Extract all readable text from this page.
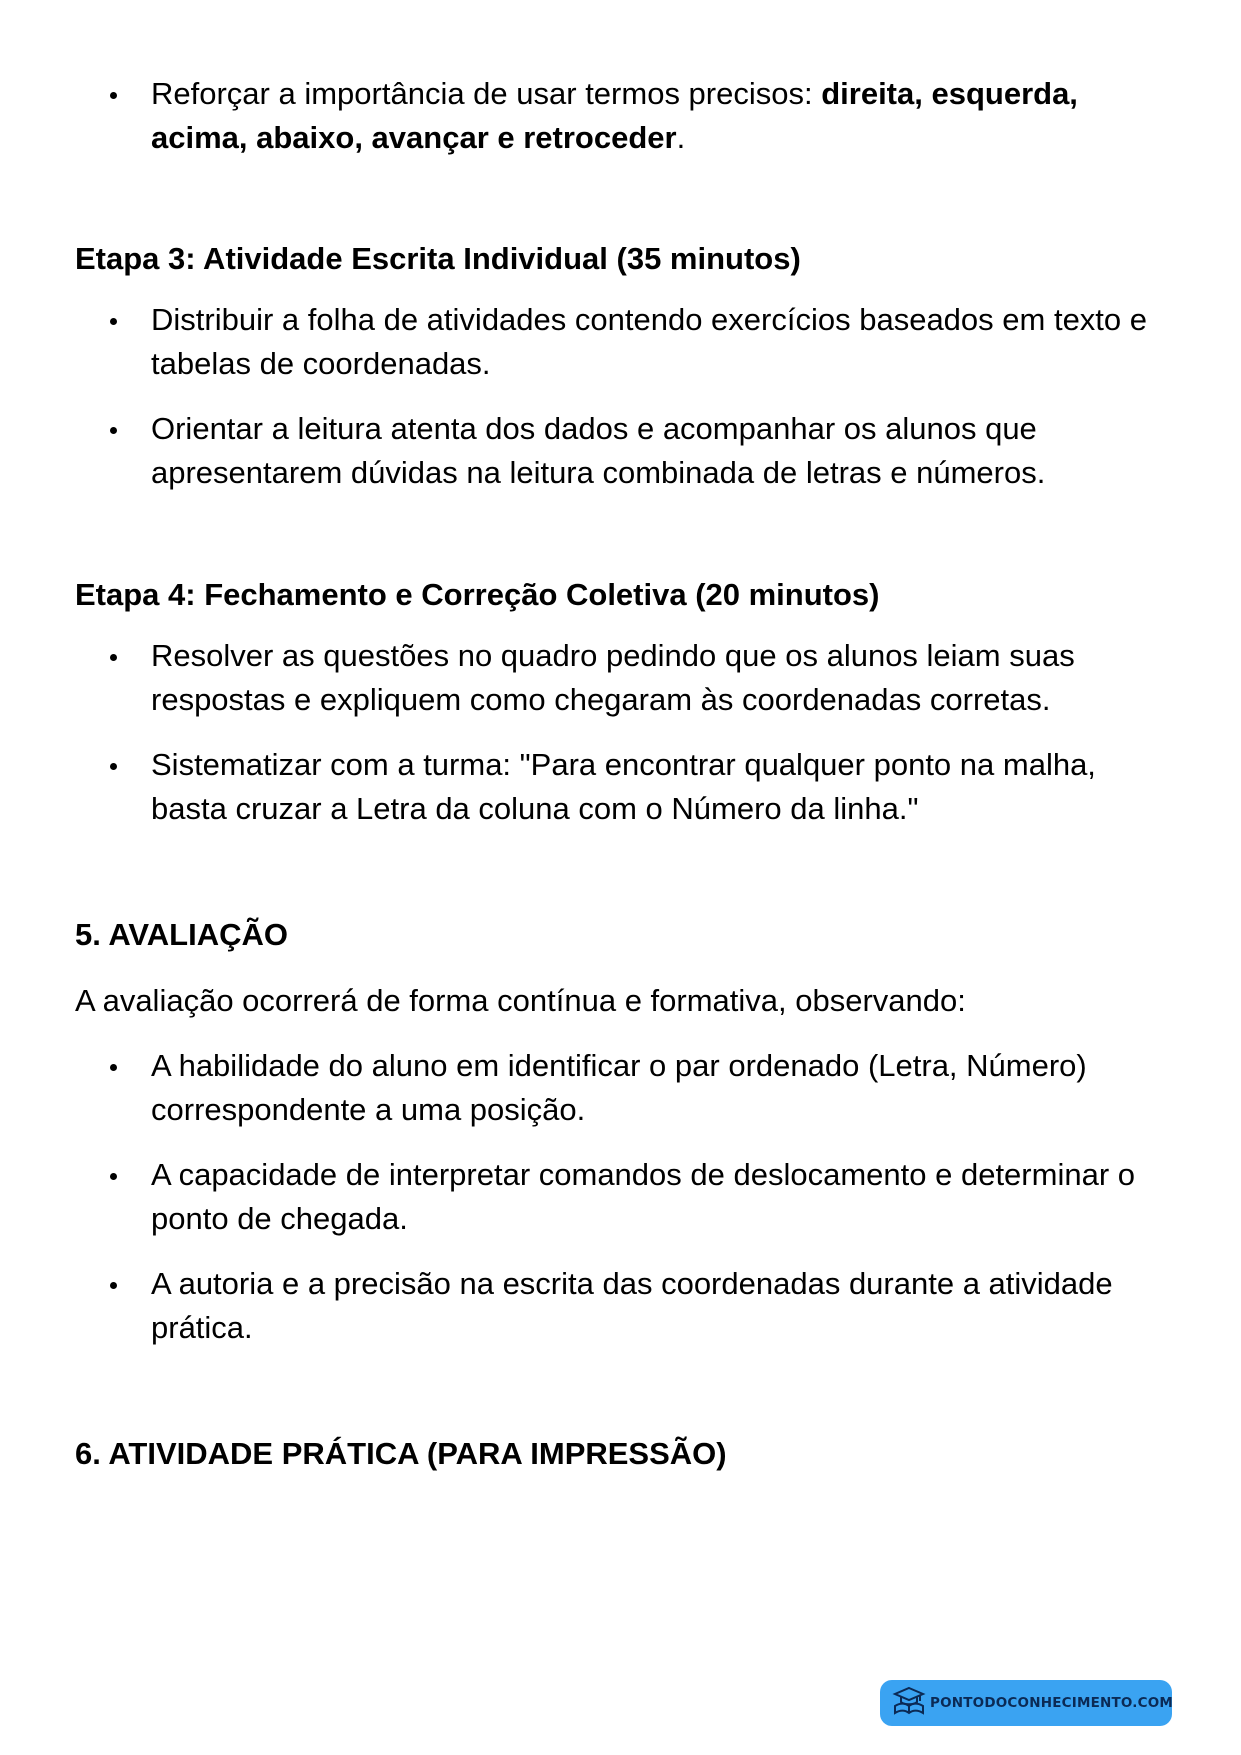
Reforçar a importância de usar termos precisos: direita, esquerda, acima, abaixo, avançar e retroceder.
Etapa 3: Atividade Escrita Individual (35 minutos)
Distribuir a folha de atividades contendo exercícios baseados em texto e tabelas de coordenadas.
Orientar a leitura atenta dos dados e acompanhar os alunos que apresentarem dúvidas na leitura combinada de letras e números.
Etapa 4: Fechamento e Correção Coletiva (20 minutos)
Resolver as questões no quadro pedindo que os alunos leiam suas respostas e expliquem como chegaram às coordenadas corretas.
Sistematizar com a turma: "Para encontrar qualquer ponto na malha, basta cruzar a Letra da coluna com o Número da linha."
5. AVALIAÇÃO

A avaliação ocorrerá de forma contínua e formativa, observando:

A habilidade do aluno em identificar o par ordenado (Letra, Número) correspondente a uma posição.
A capacidade de interpretar comandos de deslocamento e determinar o ponto de chegada.
A autoria e a precisão na escrita das coordenadas durante a atividade prática.
6. ATIVIDADE PRÁTICA (PARA IMPRESSÃO)
PONTODOCONHECIMENTO.COM
